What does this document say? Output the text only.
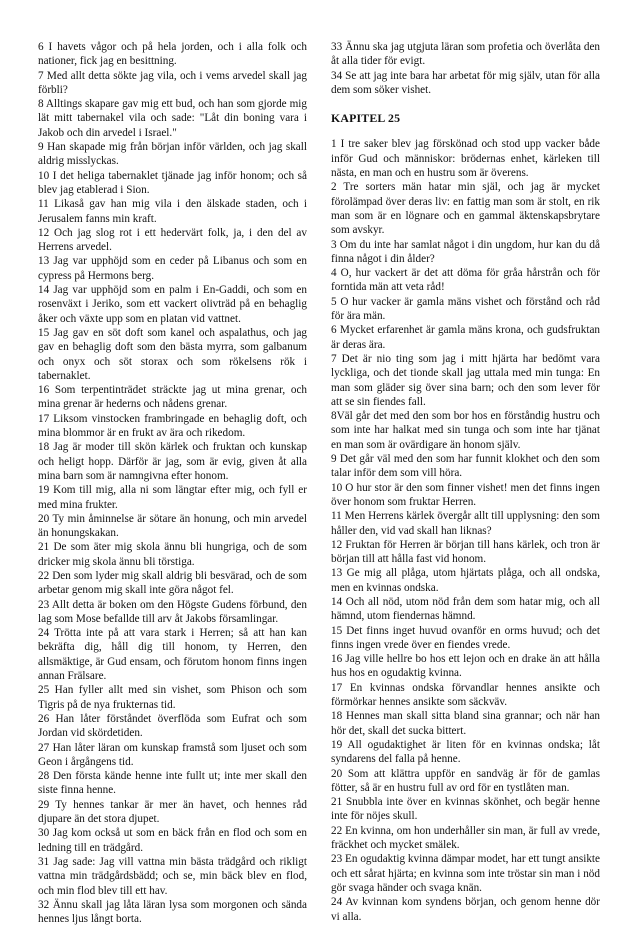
6 I havets vågor och på hela jorden, och i alla folk och nationer, fick jag en besittning.

7 Med allt detta sökte jag vila, och i vems arvedel skall jag förbli?

8 Alltings skapare gav mig ett bud, och han som gjorde mig lät mitt tabernakel vila och sade: "Låt din boning vara i Jakob och din arvedel i Israel."

9 Han skapade mig från början inför världen, och jag skall aldrig misslyckas.

10 I det heliga tabernaklet tjänade jag inför honom; och så blev jag etablerad i Sion.

11 Likaså gav han mig vila i den älskade staden, och i Jerusalem fanns min kraft.

12 Och jag slog rot i ett hedervärt folk, ja, i den del av Herrens arvedel.

13 Jag var upphöjd som en ceder på Libanus och som en cypress på Hermons berg.

14 Jag var upphöjd som en palm i En-Gaddi, och som en rosenväxt i Jeriko, som ett vackert olivträd på en behaglig åker och växte upp som en platan vid vattnet.

15 Jag gav en söt doft som kanel och aspalathus, och jag gav en behaglig doft som den bästa myrra, som galbanum och onyx och söt storax och som rökelsens rök i tabernaklet.

16 Som terpentinträdet sträckte jag ut mina grenar, och mina grenar är hederns och nådens grenar.

17 Liksom vinstocken frambringade en behaglig doft, och mina blommor är en frukt av ära och rikedom.

18 Jag är moder till skön kärlek och fruktan och kunskap och heligt hopp. Därför är jag, som är evig, given åt alla mina barn som är namngivna efter honom.

19 Kom till mig, alla ni som längtar efter mig, och fyll er med mina frukter.

20 Ty min åminnelse är sötare än honung, och min arvedel än honungskakan.

21 De som äter mig skola ännu bli hungriga, och de som dricker mig skola ännu bli törstiga.

22 Den som lyder mig skall aldrig bli besvärad, och de som arbetar genom mig skall inte göra något fel.

23 Allt detta är boken om den Högste Gudens förbund, den lag som Mose befallde till arv åt Jakobs församlingar.

24 Trötta inte på att vara stark i Herren; så att han kan bekräfta dig, håll dig till honom, ty Herren, den allsmäktige, är Gud ensam, och förutom honom finns ingen annan Frälsare.

25 Han fyller allt med sin vishet, som Phison och som Tigris på de nya frukternas tid.

26 Han låter förståndet överflöda som Eufrat och som Jordan vid skördetiden.

27 Han låter läran om kunskap framstå som ljuset och som Geon i årgångens tid.

28 Den första kände henne inte fullt ut; inte mer skall den siste finna henne.

29 Ty hennes tankar är mer än havet, och hennes råd djupare än det stora djupet.

30 Jag kom också ut som en bäck från en flod och som en ledning till en trädgård.

31 Jag sade: Jag vill vattna min bästa trädgård och rikligt vattna min trädgårdsbädd; och se, min bäck blev en flod, och min flod blev till ett hav.

32 Ännu skall jag låta läran lysa som morgonen och sända hennes ljus långt borta.

33 Ännu ska jag utgjuta läran som profetia och överlåta den åt alla tider för evigt.

34 Se att jag inte bara har arbetat för mig själv, utan för alla dem som söker vishet.

KAPITEL 25

1 I tre saker blev jag förskönad och stod upp vacker både inför Gud och människor: brödernas enhet, kärleken till nästa, en man och en hustru som är överens.

2 Tre sorters män hatar min själ, och jag är mycket förolämpad över deras liv: en fattig man som är stolt, en rik man som är en lögnare och en gammal äktenskapsbrytare som avskyr.

3 Om du inte har samlat något i din ungdom, hur kan du då finna något i din ålder?

4 O, hur vackert är det att döma för gråa hårstrån och för forntida män att veta råd!

5 O hur vacker är gamla mäns vishet och förstånd och råd för ära män.

6 Mycket erfarenhet är gamla mäns krona, och gudsfruktan är deras ära.

7 Det är nio ting som jag i mitt hjärta har bedömt vara lyckliga, och det tionde skall jag uttala med min tunga: En man som gläder sig över sina barn; och den som lever för att se sin fiendes fall.

8Väl går det med den som bor hos en förståndig hustru och som inte har halkat med sin tunga och som inte har tjänat en man som är ovärdigare än honom själv.

9 Det går väl med den som har funnit klokhet och den som talar inför dem som vill höra.

10 O hur stor är den som finner vishet! men det finns ingen över honom som fruktar Herren.

11 Men Herrens kärlek övergår allt till upplysning: den som håller den, vid vad skall han liknas?

12 Fruktan för Herren är början till hans kärlek, och tron är början till att hålla fast vid honom.

13 Ge mig all plåga, utom hjärtats plåga, och all ondska, men en kvinnas ondska.

14 Och all nöd, utom nöd från dem som hatar mig, och all hämnd, utom fiendernas hämnd.

15 Det finns inget huvud ovanför en orms huvud; och det finns ingen vrede över en fiendes vrede.

16 Jag ville hellre bo hos ett lejon och en drake än att hålla hus hos en ogudaktig kvinna.

17 En kvinnas ondska förvandlar hennes ansikte och förmörkar hennes ansikte som säckväv.

18 Hennes man skall sitta bland sina grannar; och när han hör det, skall det sucka bittert.

19 All ogudaktighet är liten för en kvinnas ondska; låt syndarens del falla på henne.

20 Som att klättra uppför en sandväg är för de gamlas fötter, så är en hustru full av ord för en tystlåten man.

21 Snubbla inte över en kvinnas skönhet, och begär henne inte för nöjes skull.

22 En kvinna, om hon underhåller sin man, är full av vrede, fräckhet och mycket smälek.

23 En ogudaktig kvinna dämpar modet, har ett tungt ansikte och ett sårat hjärta; en kvinna som inte tröstar sin man i nöd gör svaga händer och svaga knän.

24 Av kvinnan kom syndens början, och genom henne dör vi alla.
